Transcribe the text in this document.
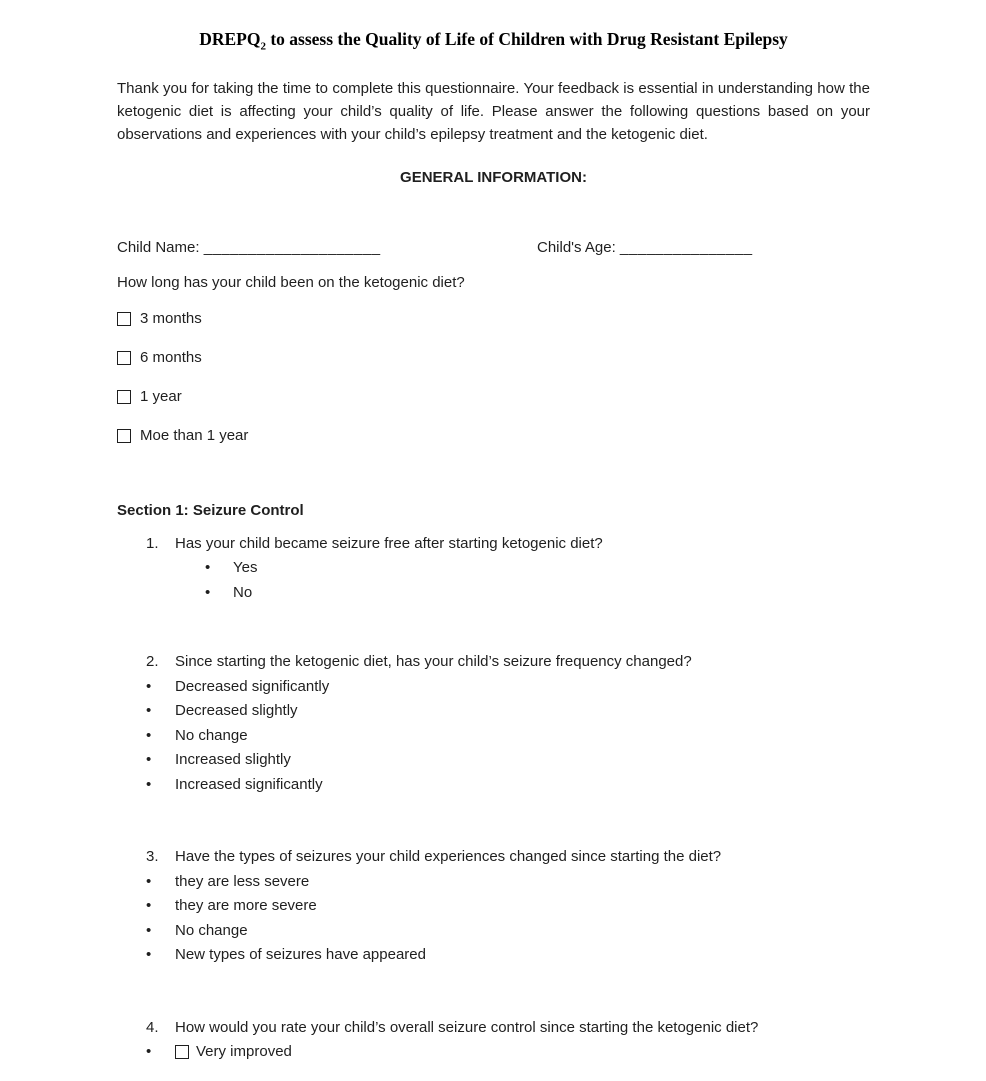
$DREPQ_2$ to assess the Quality of Life of Children with Drug Resistant Epilepsy

Thank you for taking the time to complete this questionnaire. Your feedback is essential in understanding how the ketogenic diet is affecting your child’s quality of life. Please answer the following questions based on your observations and experiences with your child’s epilepsy treatment and the ketogenic diet.

GENERAL INFORMATION:
Child Name: ____________________	Child's Age: _______________

How long has your child been on the ketogenic diet?

3 months
6 months
1 year
Moe than 1 year
Section 1: Seizure Control
1.	Has your child became seizure free after starting ketogenic diet?
•	Yes
•	No
2.	Since starting the ketogenic diet, has your child’s seizure frequency changed?
•	Decreased significantly
•	Decreased slightly
•	No change
•	Increased slightly
•	Increased significantly
3.	Have the types of seizures your child experiences changed since starting the diet?
•	they are less severe
•	they are more severe
•	No change
•	New types of seizures have appeared
4.	How would you rate your child’s overall seizure control since starting the ketogenic diet?
•	Very improved
